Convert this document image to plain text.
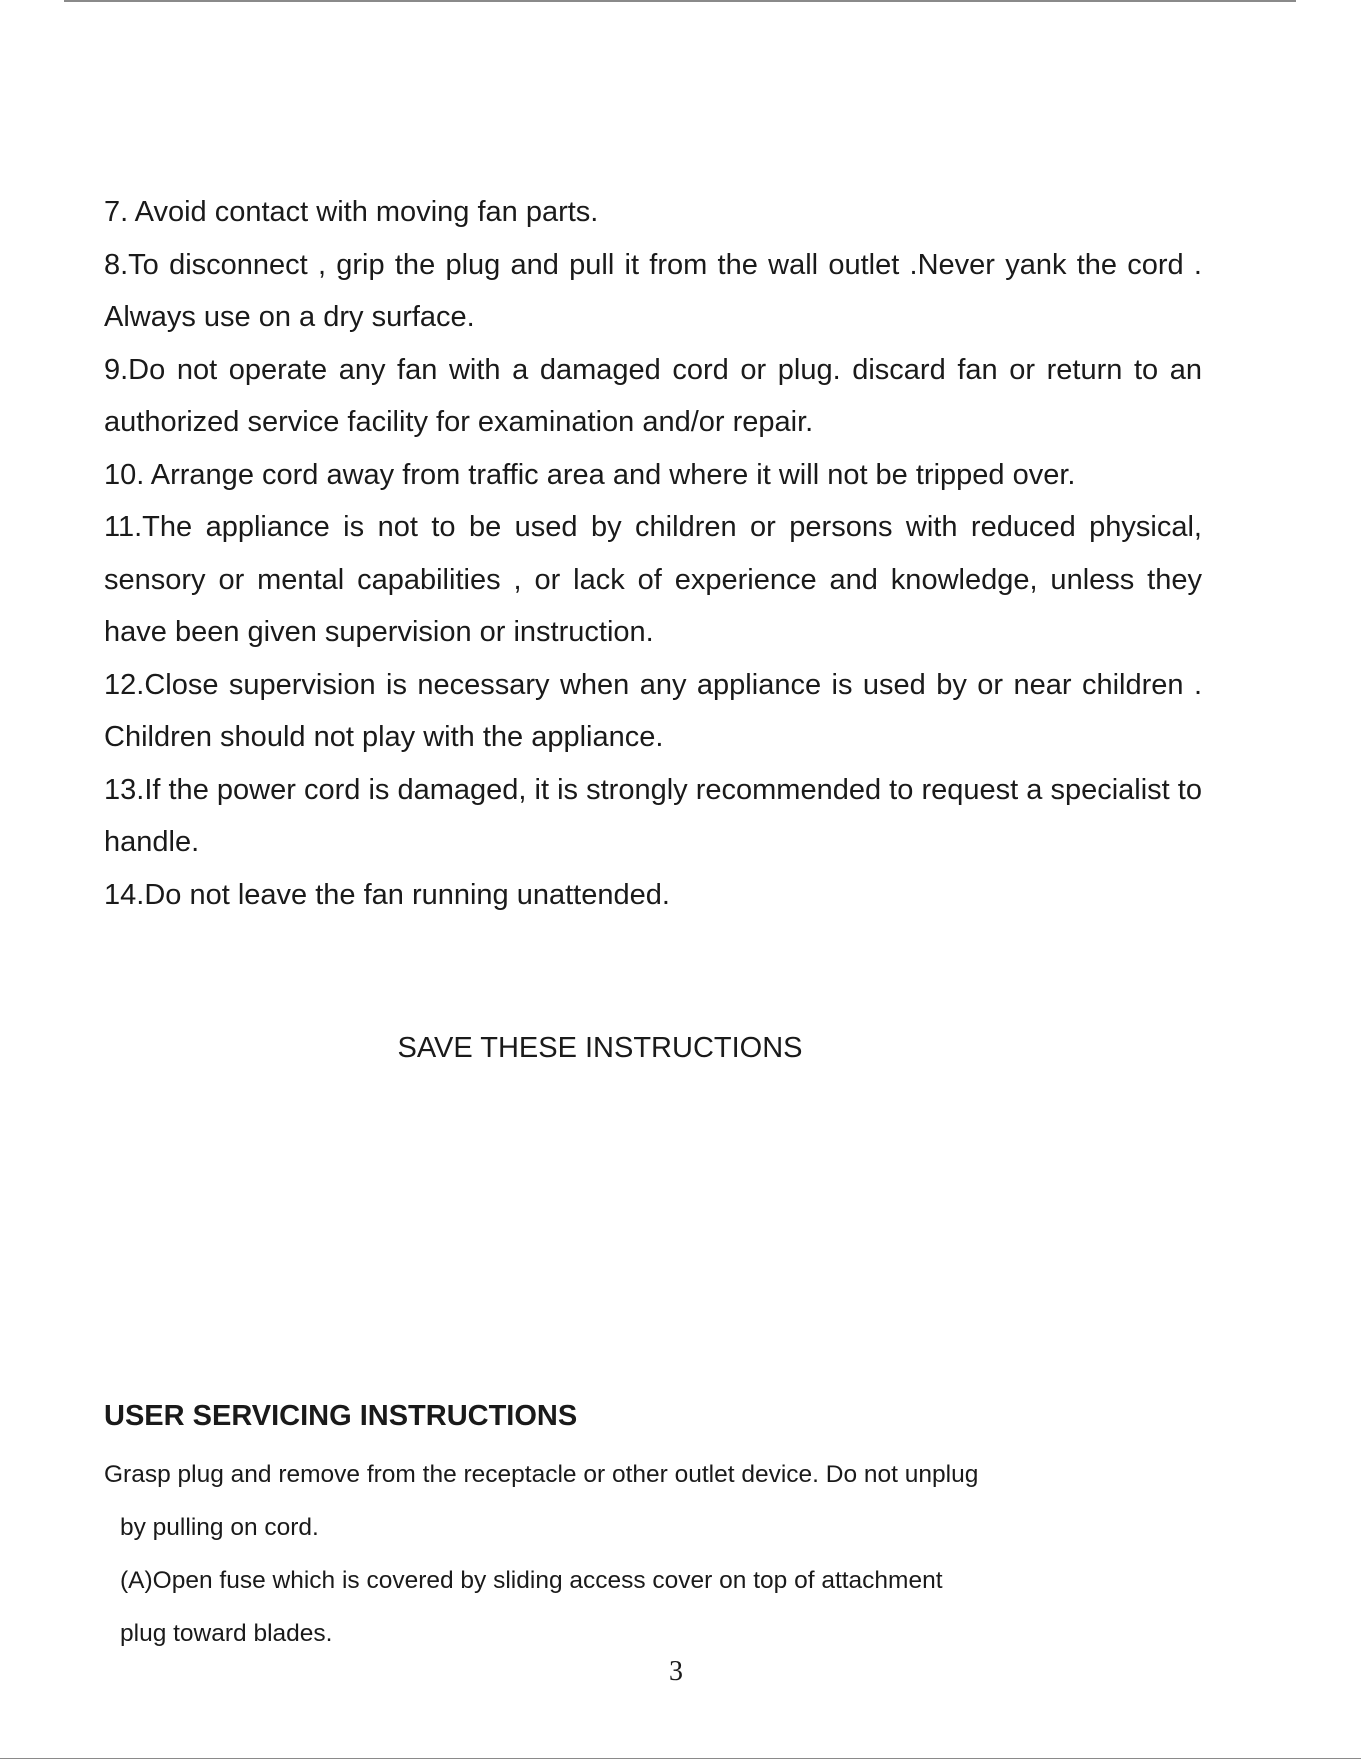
7. Avoid contact with moving fan parts.

8.To disconnect , grip the plug and pull it from the wall outlet .Never yank the cord . Always use on a dry surface.

9.Do not operate any fan with a damaged cord or plug. discard fan or return to an authorized service facility for examination and/or repair.

10. Arrange cord away from traffic area and where it will not be tripped over.

11.The appliance is not to be used by children or persons with reduced physical, sensory or mental capabilities , or lack of experience and knowledge, unless they have been given supervision or instruction.

12.Close supervision is necessary when any appliance is used by or near children . Children should not play with the appliance.

13.If the power cord is damaged, it is strongly recommended to request a specialist to handle.

14.Do not leave the fan running unattended.

SAVE THESE INSTRUCTIONS
USER SERVICING INSTRUCTIONS

Grasp plug and remove from the receptacle or other outlet device. Do not unplug

by pulling on cord.

(A)Open fuse which is covered by sliding access cover on top of attachment

plug toward blades.

3
